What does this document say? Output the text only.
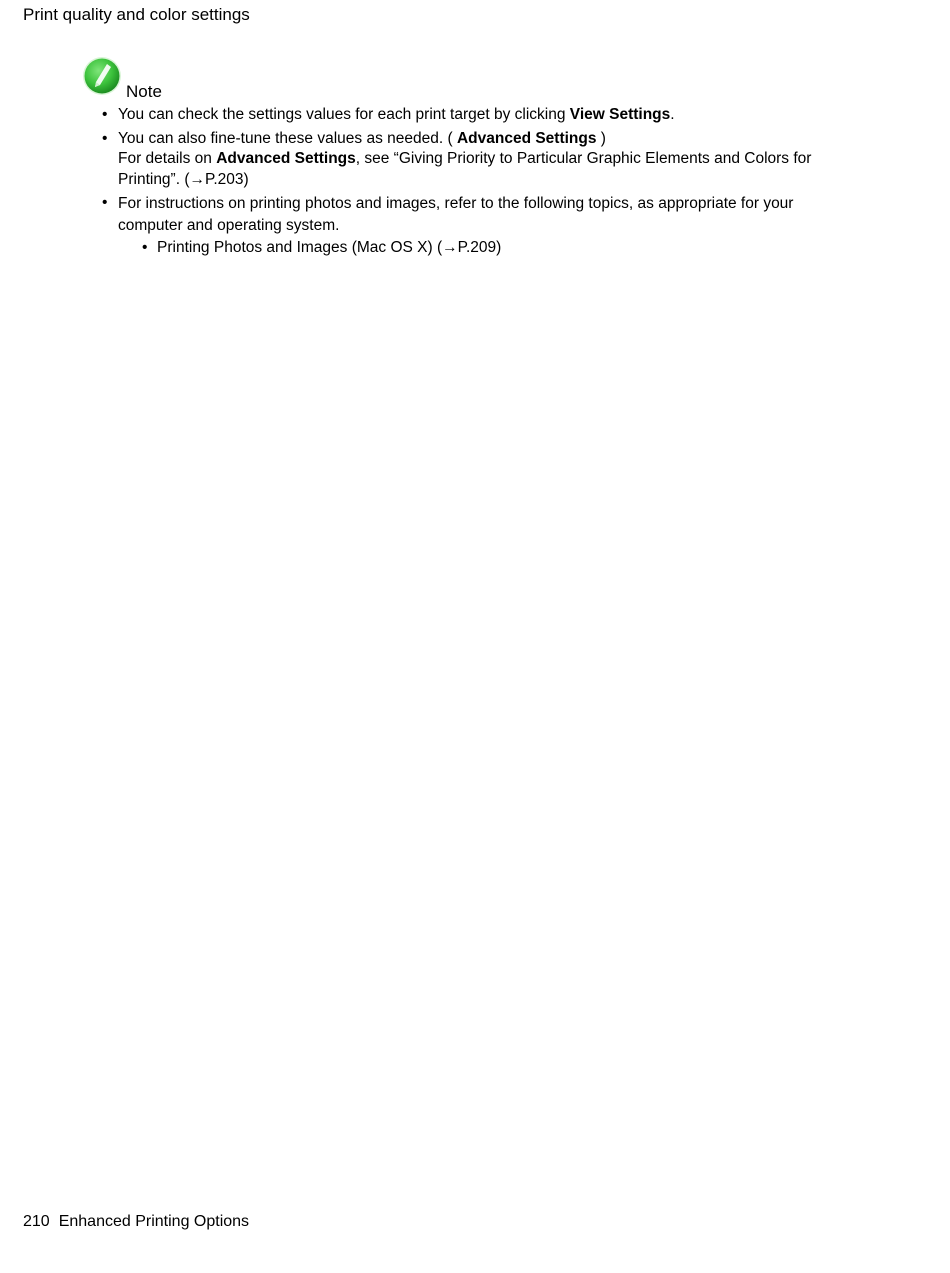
Print quality and color settings
Note
• You can check the settings values for each print target by clicking View Settings.
• You can also fine-tune these values as needed. ( Advanced Settings )
For details on Advanced Settings, see “Giving Priority to Particular Graphic Elements and Colors for Printing”. (→P.203)
• For instructions on printing photos and images, refer to the following topics, as appropriate for your computer and operating system.
• Printing Photos and Images (Mac OS X) (→P.209)
210 Enhanced Printing Options
